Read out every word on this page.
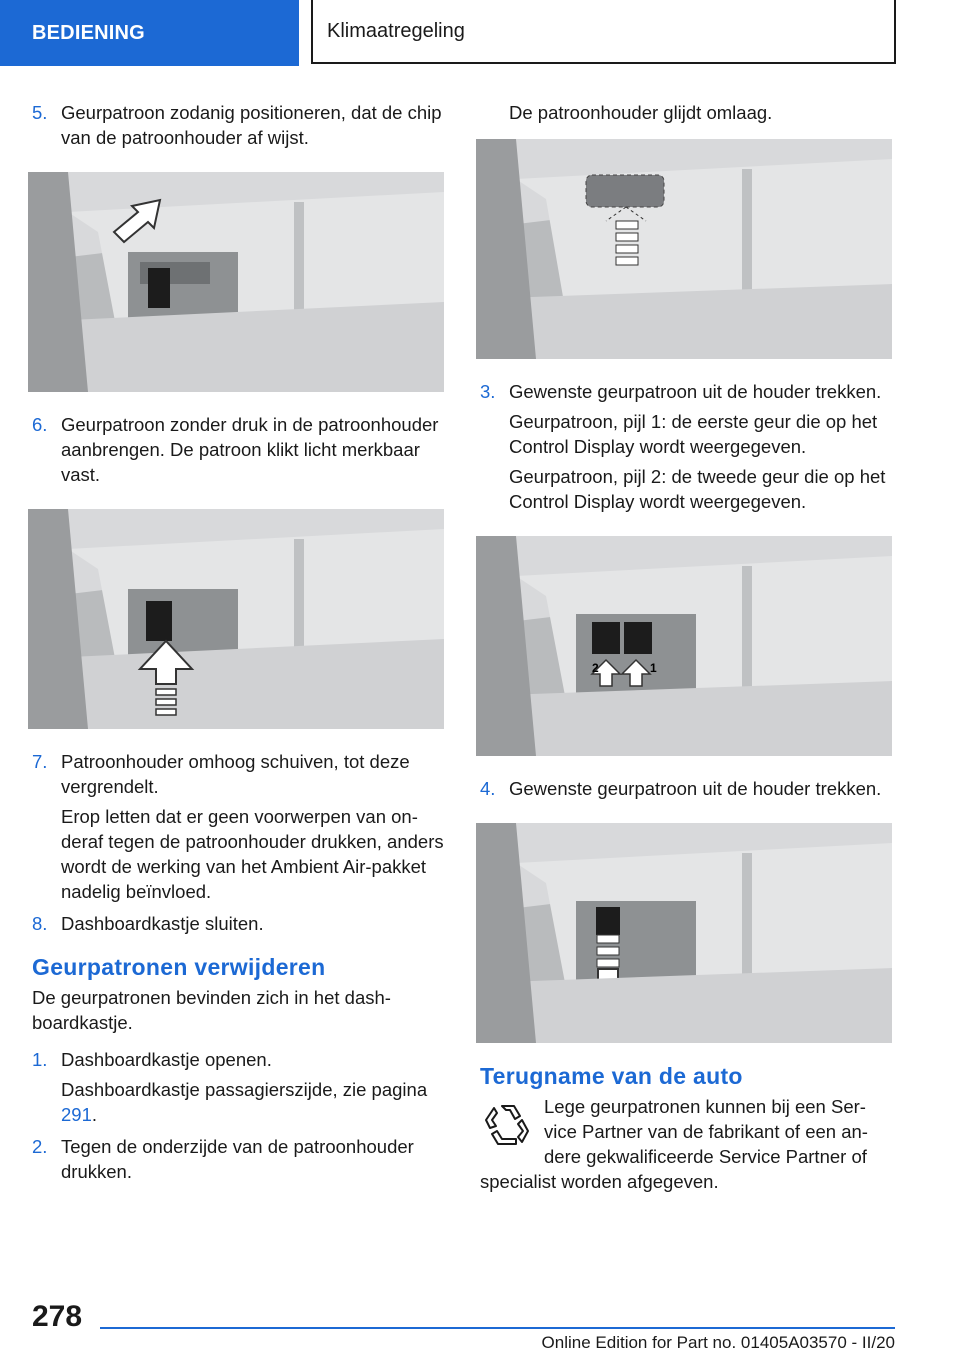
BEDIENING	Klimaatregeling
5. Geurpatroon zodanig positioneren, dat de chip van de patroonhouder af wijst.

6. Geurpatroon zonder druk in de patroonhouder aanbrengen. De patroon klikt licht merkbaar vast.

7. Patroonhouder omhoog schuiven, tot deze vergrendelt.

Erop letten dat er geen voorwerpen van onderaf tegen de patroonhouder drukken, anders wordt de werking van het Ambient Air-pakket nadelig beïnvloed.

8. Dashboardkastje sluiten.

Geurpatronen verwijderen

De geurpatronen bevinden zich in het dashboardkastje.

1. Dashboardkastje openen.

Dashboardkastje passagierszijde, zie pagina 291.

2. Tegen de onderzijde van de patroonhouder drukken.

De patroonhouder glijdt omlaag.

3. Gewenste geurpatroon uit de houder trekken.

Geurpatroon, pijl 1: de eerste geur die op het Control Display wordt weergegeven.

Geurpatroon, pijl 2: de tweede geur die op het Control Display wordt weergegeven.

2	1
4. Gewenste geurpatroon uit de houder trekken.

Terugname van de auto

Lege geurpatronen kunnen bij een Service Partner van de fabrikant of een andere gekwalificeerde Service Partner of

specialist worden afgegeven.

278
Online Edition for Part no. 01405A03570 - II/20
